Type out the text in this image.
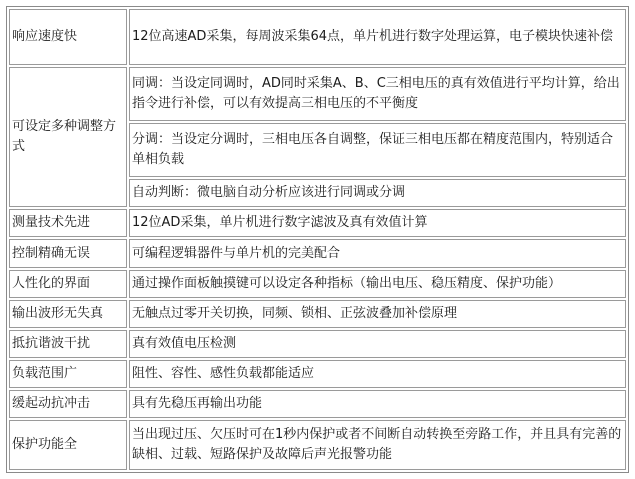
响应速度快	12位高速AD采集，每周波采集64点，单片机进行数字处理运算，电子模块快速补偿
可设定多种调整方式	同调：当设定同调时，AD同时采集A、B、C三相电压的真有效值进行平均计算，给出指令进行补偿，可以有效提高三相电压的不平衡度
	分调：当设定分调时，三相电压各自调整，保证三相电压都在精度范围内，特别适合单相负载
	自动判断：微电脑自动分析应该进行同调或分调
测量技术先进	12位AD采集，单片机进行数字滤波及真有效值计算
控制精确无误	可编程逻辑器件与单片机的完美配合
人性化的界面	通过操作面板触摸键可以设定各种指标（输出电压、稳压精度、保护功能）
输出波形无失真	无触点过零开关切换，同频、锁相、正弦波叠加补偿原理
抵抗谐波干扰	真有效值电压检测
负载范围广	阻性、容性、感性负载都能适应
缓起动抗冲击	具有先稳压再输出功能
保护功能全	当出现过压、欠压时可在1秒内保护或者不间断自动转换至旁路工作，并且具有完善的缺相、过载、短路保护及故障后声光报警功能
